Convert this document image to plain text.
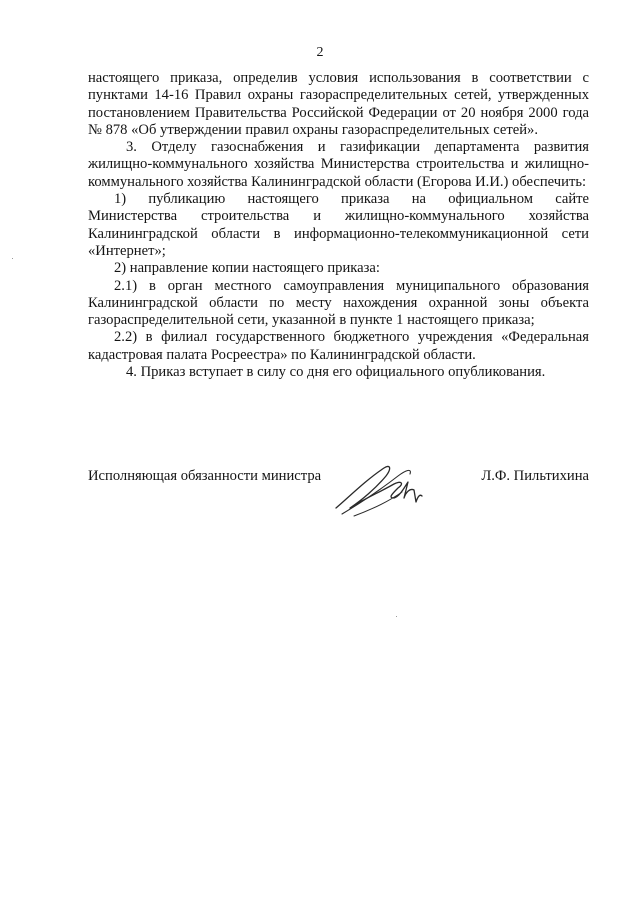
2

настоящего приказа, определив условия использования в соответствии с пунктами 14-16 Правил охраны газораспределительных сетей, утвержденных постановлением Правительства Российской Федерации от 20 ноября 2000 года № 878 «Об утверждении правил охраны газораспределительных сетей».

3. Отделу газоснабжения и газификации департамента развития жилищно-коммунального хозяйства Министерства строительства и жилищно-коммунального хозяйства Калининградской области (Егорова И.И.) обеспечить:

1) публикацию настоящего приказа на официальном сайте Министерства строительства и жилищно-коммунального хозяйства Калининградской области в информационно-телекоммуникационной сети «Интернет»;

2) направление копии настоящего приказа:

2.1) в орган местного самоуправления муниципального образования Калининградской области по месту нахождения охранной зоны объекта газораспределительной сети, указанной в пункте 1 настоящего приказа;

2.2) в филиал государственного бюджетного учреждения «Федеральная кадастровая палата Росреестра» по Калининградской области.

4. Приказ вступает в силу со дня его официального опубликования.

Исполняющая обязанности министра	Л.Ф. Пильтихина
